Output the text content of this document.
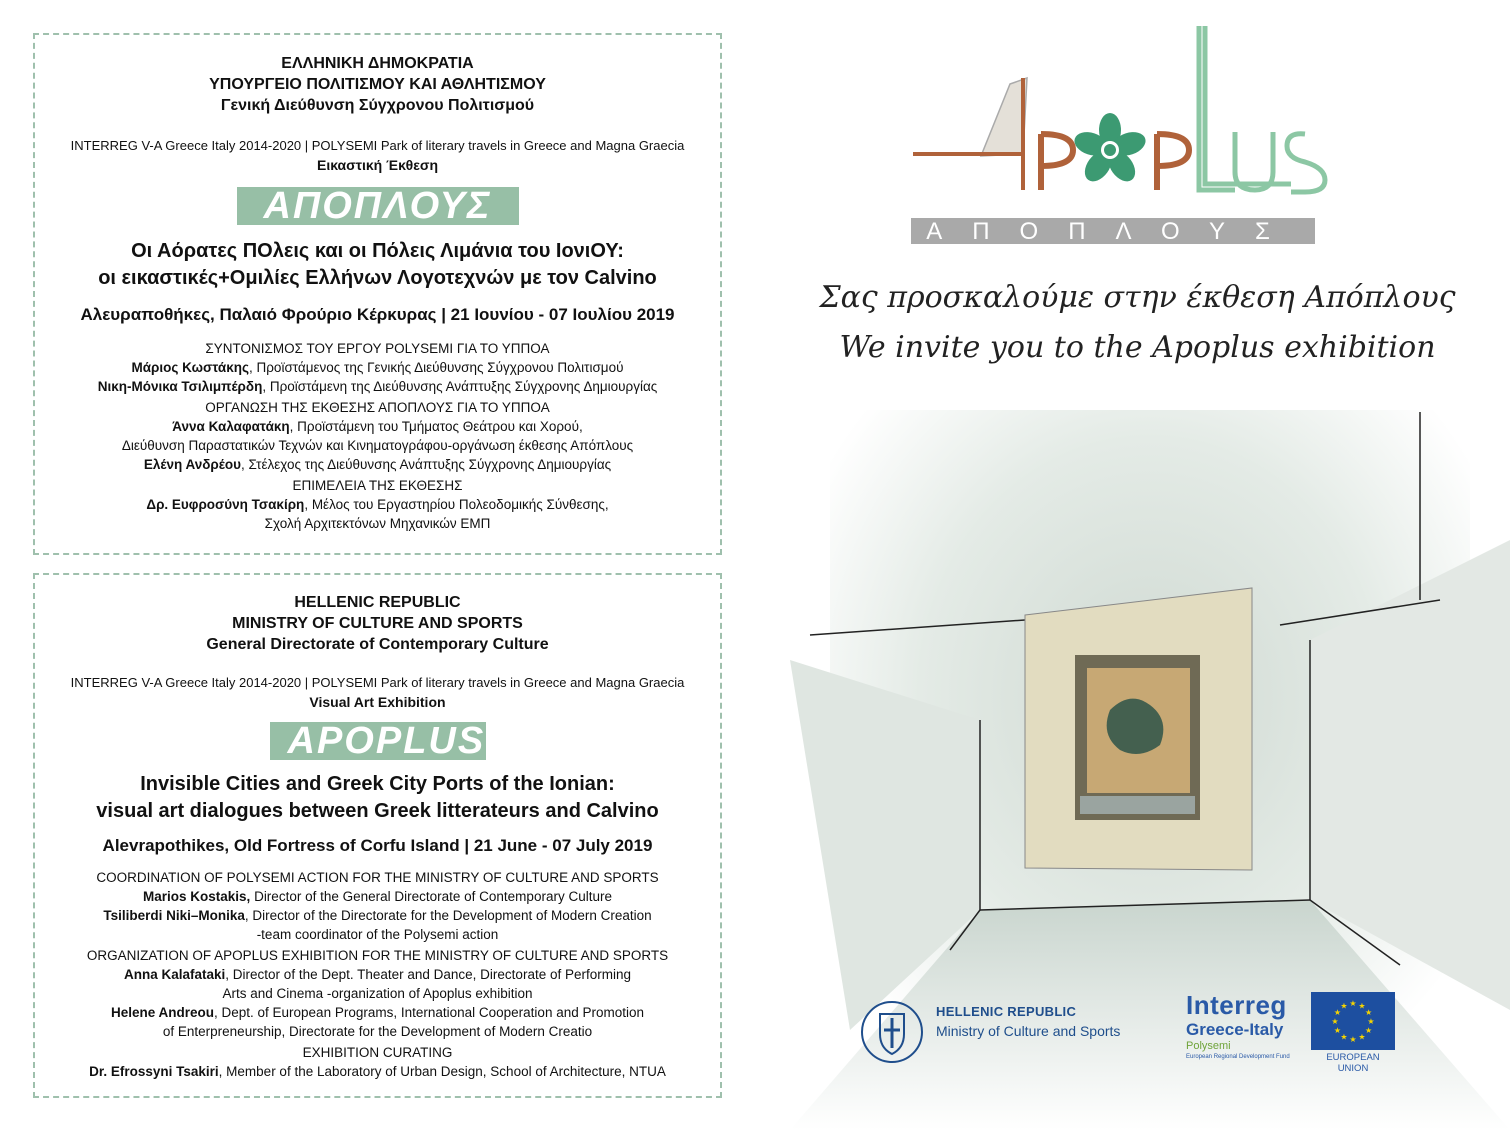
ΕΛΛΗΝΙΚΗ ΔΗΜΟΚΡΑΤΙΑ
ΥΠΟΥΡΓΕΙΟ ΠΟΛΙΤΙΣΜΟΥ ΚΑΙ ΑΘΛΗΤΙΣΜΟΥ
Γενική Διεύθυνση Σύγχρονου Πολιτισμού
INTERREG V-A Greece Italy 2014-2020 | POLYSEMI Park of literary travels in Greece and Magna Graecia
Εικαστική Έκθεση
ΑΠΟΠΛΟΥΣ
Οι Αόρατες ΠΟλεις και οι Πόλεις Λιμάνια του ΙονιΟΥ:
οι εικαστικές+Ομιλίες Ελλήνων Λογοτεχνών με τον Calvino
Αλευραποθήκες, Παλαιό Φρούριο Κέρκυρας | 21 Ιουνίου - 07 Ιουλίου 2019
ΣΥΝΤΟΝΙΣΜΟΣ ΤΟΥ ΕΡΓΟΥ POLYSEMI ΓΙΑ ΤΟ ΥΠΠΟΑ
Μάριος Κωστάκης, Προϊστάμενος της Γενικής Διεύθυνσης Σύγχρονου Πολιτισμού
Νικη-Μόνικα Τσιλιμπέρδη, Προϊστάμενη της Διεύθυνσης Ανάπτυξης Σύγχρονης Δημιουργίας
ΟΡΓΑΝΩΣΗ ΤΗΣ ΕΚΘΕΣΗΣ ΑΠΟΠΛΟΥΣ ΓΙΑ ΤΟ ΥΠΠΟΑ
Άννα Καλαφατάκη, Προϊστάμενη του Τμήματος Θεάτρου και Χορού,
Διεύθυνση Παραστατικών Τεχνών και Κινηματογράφου-οργάνωση έκθεσης Απόπλους
Ελένη Ανδρέου, Στέλεχος της Διεύθυνσης Ανάπτυξης Σύγχρονης Δημιουργίας
ΕΠΙΜΕΛΕΙΑ ΤΗΣ ΕΚΘΕΣΗΣ
Δρ. Ευφροσύνη Τσακίρη, Μέλος του Εργαστηρίου Πολεοδομικής Σύνθεσης,
Σχολή Αρχιτεκτόνων Μηχανικών ΕΜΠ
HELLENIC REPUBLIC
MINISTRY OF CULTURE AND SPORTS
General Directorate of Contemporary Culture
INTERREG V-A Greece Italy 2014-2020 | POLYSEMI Park of literary travels in Greece and Magna Graecia
Visual Art Exhibition
APOPLUS
Invisible Cities and Greek City Ports of the Ionian:
visual art dialogues between Greek litterateurs and Calvino
Alevrapothikes, Old Fortress of Corfu Island | 21 June - 07 July 2019
COORDINATION OF POLYSEMI ACTION FOR THE MINISTRY OF CULTURE AND SPORTS
Marios Kostakis, Director of the General Directorate of Contemporary Culture
Tsiliberdi Niki–Monika, Director of the Directorate for the Development of Modern Creation
-team coordinator of the Polysemi action
ORGANIZATION OF APOPLUS EXHIBITION FOR THE MINISTRY OF CULTURE AND SPORTS
Anna Kalafataki, Director of the Dept. Theater and Dance, Directorate of Performing
Arts and Cinema -organization of Apoplus exhibition
Helene Andreou, Dept. of European Programs, International Cooperation and Promotion
of Enterpreneurship, Directorate for the Development of Modern Creatio
EXHIBITION CURATING
Dr. Efrossyni Tsakiri, Member of the Laboratory of Urban Design, School of Architecture, NTUA
ΑΠΟΠΛΟΥΣ
Σας προσκαλούμε στην έκθεση Απόπλους
We invite you to the Apoplus exhibition
HELLENIC REPUBLIC
Ministry of Culture and Sports
Interreg
Greece-Italy
Polysemi
European Regional Development Fund
★
★
★
★
★
★
★
★
★ ★ ★
★
EUROPEAN UNION
